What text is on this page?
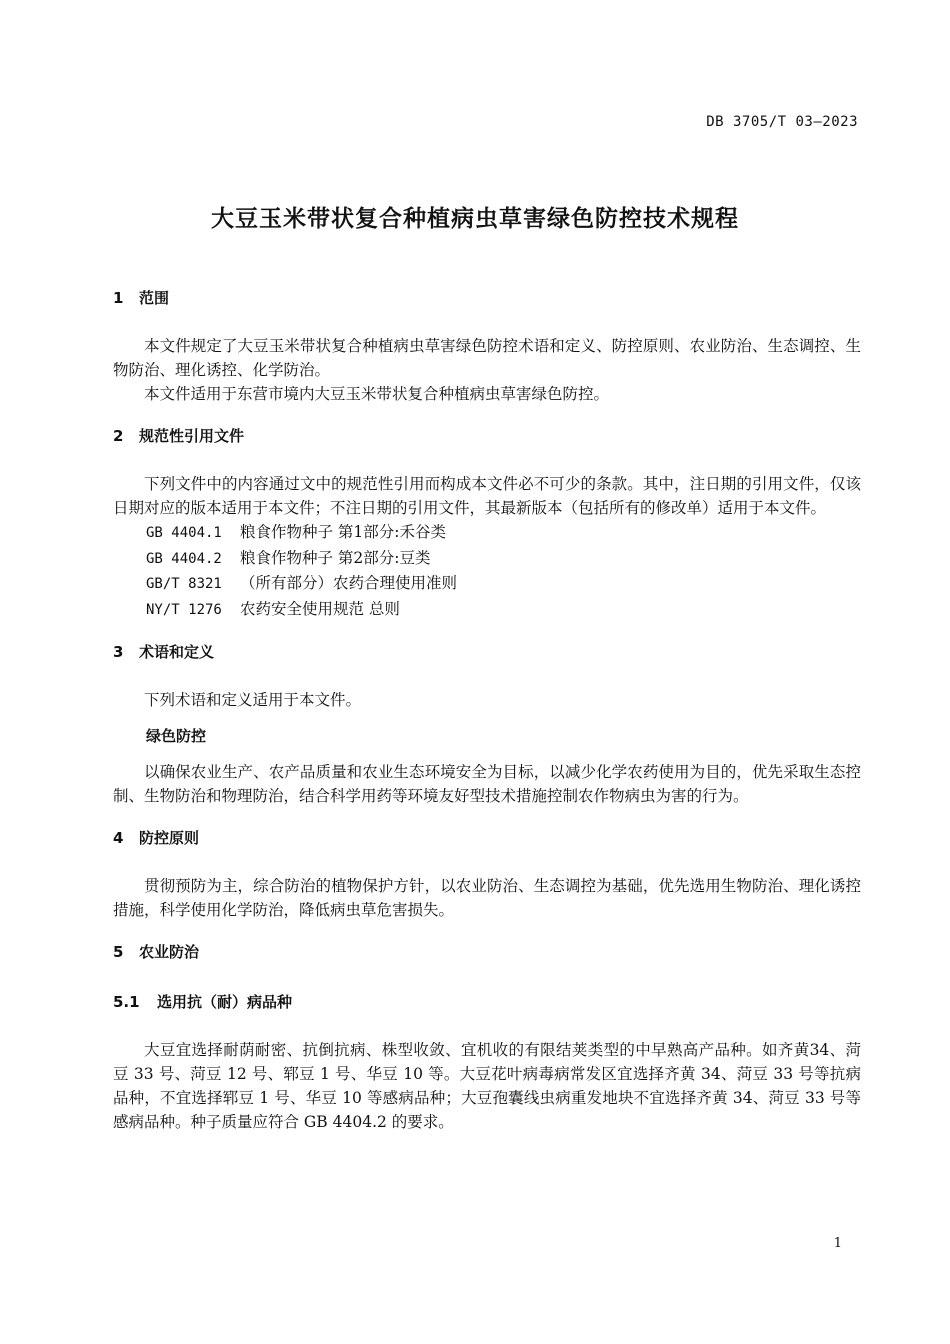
DB 3705/T 03—2023
大豆玉米带状复合种植病虫草害绿色防控技术规程
1 范围

本文件规定了大豆玉米带状复合种植病虫草害绿色防控术语和定义、防控原则、农业防治、生态调控、生物防治、理化诱控、化学防治。

本文件适用于东营市境内大豆玉米带状复合种植病虫草害绿色防控。

2 规范性引用文件

下列文件中的内容通过文中的规范性引用而构成本文件必不可少的条款。其中，注日期的引用文件，仅该日期对应的版本适用于本文件；不注日期的引用文件，其最新版本（包括所有的修改单）适用于本文件。

GB 4404.1 粮食作物种子 第1部分:禾谷类
GB 4404.2 粮食作物种子 第2部分:豆类
GB/T 8321 （所有部分）农药合理使用准则
NY/T 1276 农药安全使用规范 总则
3 术语和定义

下列术语和定义适用于本文件。

绿色防控

以确保农业生产、农产品质量和农业生态环境安全为目标，以减少化学农药使用为目的，优先采取生态控制、生物防治和物理防治，结合科学用药等环境友好型技术措施控制农作物病虫为害的行为。

4 防控原则

贯彻预防为主，综合防治的植物保护方针，以农业防治、生态调控为基础，优先选用生物防治、理化诱控措施，科学使用化学防治，降低病虫草危害损失。

5 农业防治
5.1 选用抗（耐）病品种

大豆宜选择耐荫耐密、抗倒抗病、株型收敛、宜机收的有限结荚类型的中早熟高产品种。如齐黄34、菏豆 33 号、菏豆 12 号、郓豆 1 号、华豆 10 等。大豆花叶病毒病常发区宜选择齐黄 34、菏豆 33 号等抗病品种，不宜选择郓豆 1 号、华豆 10 等感病品种；大豆孢囊线虫病重发地块不宜选择齐黄 34、菏豆 33 号等感病品种。种子质量应符合 GB 4404.2 的要求。

1
